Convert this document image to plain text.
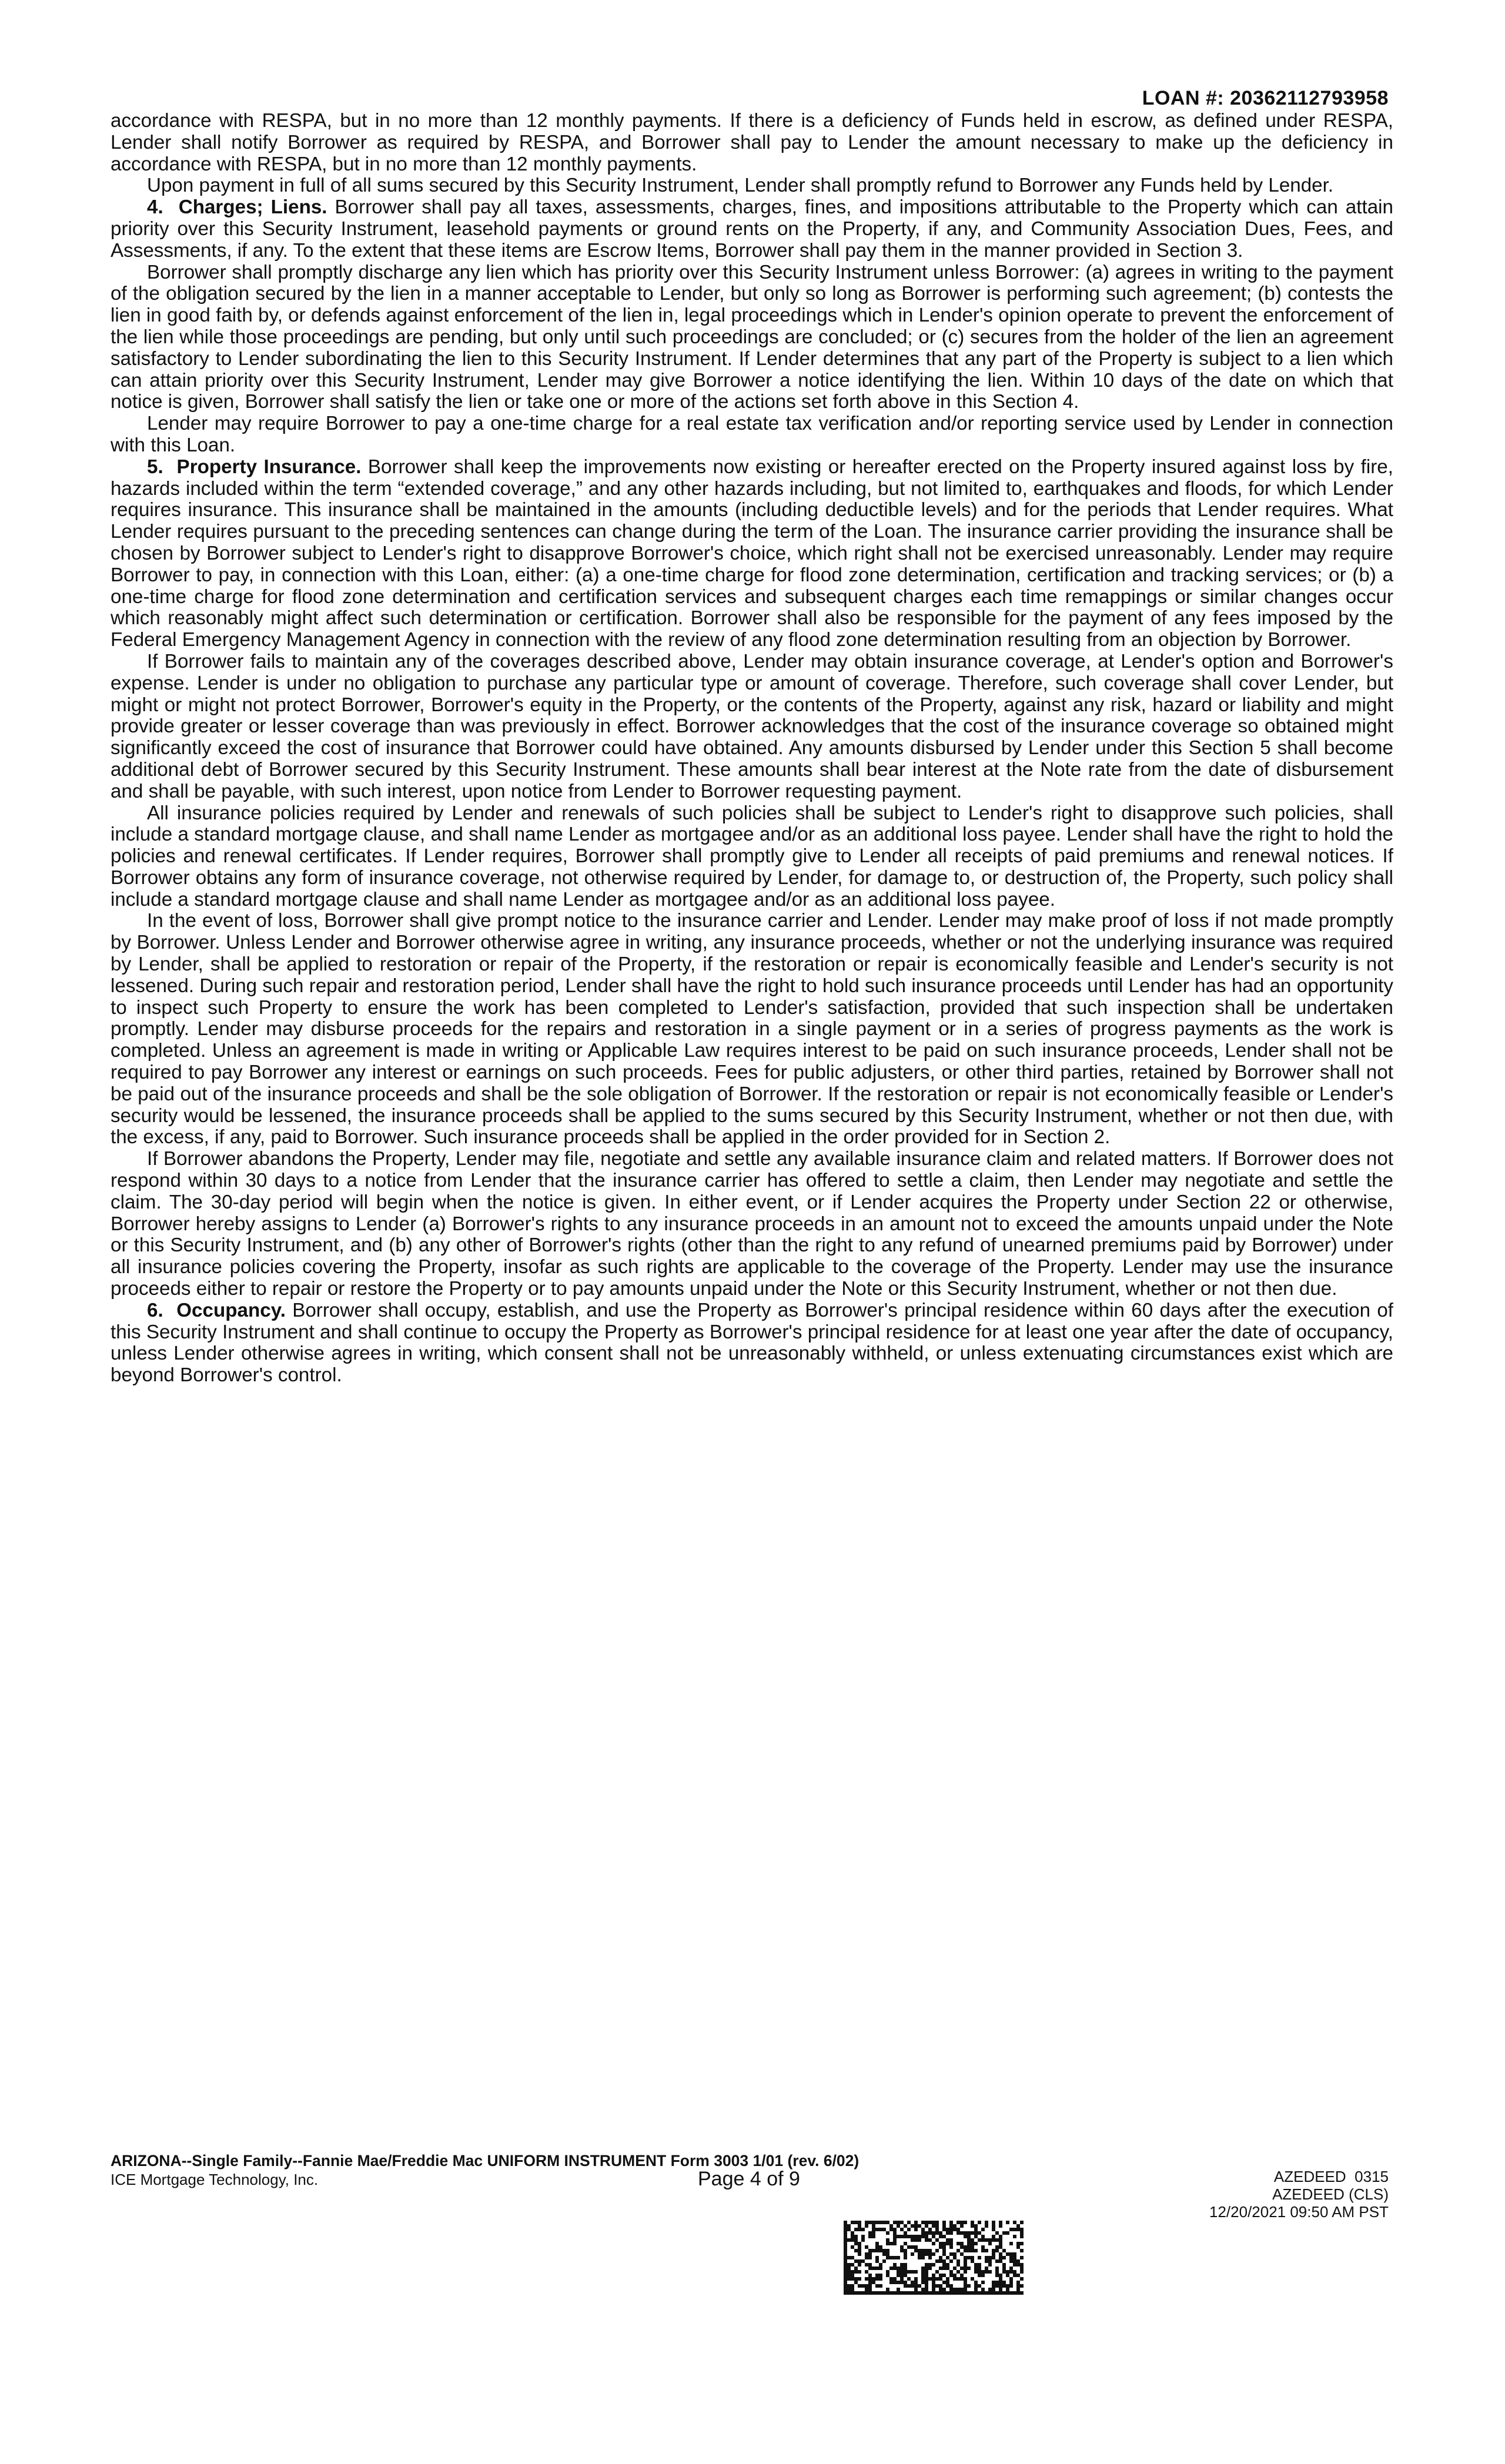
LOAN #: 20362112793958

accordance with RESPA, but in no more than 12 monthly payments. If there is a deficiency of Funds held in escrow, as defined under RESPA, Lender shall notify Borrower as required by RESPA, and Borrower shall pay to Lender the amount necessary to make up the deficiency in accordance with RESPA, but in no more than 12 monthly payments.

Upon payment in full of all sums secured by this Security Instrument, Lender shall promptly refund to Borrower any Funds held by Lender.

4.  Charges; Liens. Borrower shall pay all taxes, assessments, charges, fines, and impositions attributable to the Property which can attain priority over this Security Instrument, leasehold payments or ground rents on the Property, if any, and Community Association Dues, Fees, and Assessments, if any. To the extent that these items are Escrow Items, Borrower shall pay them in the manner provided in Section 3.

Borrower shall promptly discharge any lien which has priority over this Security Instrument unless Borrower: (a) agrees in writing to the payment of the obligation secured by the lien in a manner acceptable to Lender, but only so long as Borrower is performing such agreement; (b) contests the lien in good faith by, or defends against enforcement of the lien in, legal proceedings which in Lender's opinion operate to prevent the enforcement of the lien while those proceedings are pending, but only until such proceedings are concluded; or (c) secures from the holder of the lien an agreement satisfactory to Lender subordinating the lien to this Security Instrument. If Lender determines that any part of the Property is subject to a lien which can attain priority over this Security Instrument, Lender may give Borrower a notice identifying the lien. Within 10 days of the date on which that notice is given, Borrower shall satisfy the lien or take one or more of the actions set forth above in this Section 4.

Lender may require Borrower to pay a one-time charge for a real estate tax verification and/or reporting service used by Lender in connection with this Loan.

5.  Property Insurance. Borrower shall keep the improvements now existing or hereafter erected on the Property insured against loss by fire, hazards included within the term “extended coverage,” and any other hazards including, but not limited to, earthquakes and floods, for which Lender requires insurance. This insurance shall be maintained in the amounts (including deductible levels) and for the periods that Lender requires. What Lender requires pursuant to the preceding sentences can change during the term of the Loan. The insurance carrier providing the insurance shall be chosen by Borrower subject to Lender's right to disapprove Borrower's choice, which right shall not be exercised unreasonably. Lender may require Borrower to pay, in connection with this Loan, either: (a) a one-time charge for flood zone determination, certification and tracking services; or (b) a one-time charge for flood zone determination and certification services and subsequent charges each time remappings or similar changes occur which reasonably might affect such determination or certification. Borrower shall also be responsible for the payment of any fees imposed by the Federal Emergency Management Agency in connection with the review of any flood zone determination resulting from an objection by Borrower.

If Borrower fails to maintain any of the coverages described above, Lender may obtain insurance coverage, at Lender's option and Borrower's expense. Lender is under no obligation to purchase any particular type or amount of coverage. Therefore, such coverage shall cover Lender, but might or might not protect Borrower, Borrower's equity in the Property, or the contents of the Property, against any risk, hazard or liability and might provide greater or lesser coverage than was previously in effect. Borrower acknowledges that the cost of the insurance coverage so obtained might significantly exceed the cost of insurance that Borrower could have obtained. Any amounts disbursed by Lender under this Section 5 shall become additional debt of Borrower secured by this Security Instrument. These amounts shall bear interest at the Note rate from the date of disbursement and shall be payable, with such interest, upon notice from Lender to Borrower requesting payment.

All insurance policies required by Lender and renewals of such policies shall be subject to Lender's right to disapprove such policies, shall include a standard mortgage clause, and shall name Lender as mortgagee and/or as an additional loss payee. Lender shall have the right to hold the policies and renewal certificates. If Lender requires, Borrower shall promptly give to Lender all receipts of paid premiums and renewal notices. If Borrower obtains any form of insurance coverage, not otherwise required by Lender, for damage to, or destruction of, the Property, such policy shall include a standard mortgage clause and shall name Lender as mortgagee and/or as an additional loss payee.

In the event of loss, Borrower shall give prompt notice to the insurance carrier and Lender. Lender may make proof of loss if not made promptly by Borrower. Unless Lender and Borrower otherwise agree in writing, any insurance proceeds, whether or not the underlying insurance was required by Lender, shall be applied to restoration or repair of the Property, if the restoration or repair is economically feasible and Lender's security is not lessened. During such repair and restoration period, Lender shall have the right to hold such insurance proceeds until Lender has had an opportunity to inspect such Property to ensure the work has been completed to Lender's satisfaction, provided that such inspection shall be undertaken promptly. Lender may disburse proceeds for the repairs and restoration in a single payment or in a series of progress payments as the work is completed. Unless an agreement is made in writing or Applicable Law requires interest to be paid on such insurance proceeds, Lender shall not be required to pay Borrower any interest or earnings on such proceeds. Fees for public adjusters, or other third parties, retained by Borrower shall not be paid out of the insurance proceeds and shall be the sole obligation of Borrower. If the restoration or repair is not economically feasible or Lender's security would be lessened, the insurance proceeds shall be applied to the sums secured by this Security Instrument, whether or not then due, with the excess, if any, paid to Borrower. Such insurance proceeds shall be applied in the order provided for in Section 2.

If Borrower abandons the Property, Lender may file, negotiate and settle any available insurance claim and related matters. If Borrower does not respond within 30 days to a notice from Lender that the insurance carrier has offered to settle a claim, then Lender may negotiate and settle the claim. The 30-day period will begin when the notice is given. In either event, or if Lender acquires the Property under Section 22 or otherwise, Borrower hereby assigns to Lender (a) Borrower's rights to any insurance proceeds in an amount not to exceed the amounts unpaid under the Note or this Security Instrument, and (b) any other of Borrower's rights (other than the right to any refund of unearned premiums paid by Borrower) under all insurance policies covering the Property, insofar as such rights are applicable to the coverage of the Property. Lender may use the insurance proceeds either to repair or restore the Property or to pay amounts unpaid under the Note or this Security Instrument, whether or not then due.

6.  Occupancy. Borrower shall occupy, establish, and use the Property as Borrower's principal residence within 60 days after the execution of this Security Instrument and shall continue to occupy the Property as Borrower's principal residence for at least one year after the date of occupancy, unless Lender otherwise agrees in writing, which consent shall not be unreasonably withheld, or unless extenuating circumstances exist which are beyond Borrower's control.

ARIZONA--Single Family--Fannie Mae/Freddie Mac UNIFORM INSTRUMENT Form 3003 1/01 (rev. 6/02)
ICE Mortgage Technology, Inc.	Page 4 of 9	AZEDEED  0315
AZEDEED (CLS)
12/20/2021 09:50 AM PST
